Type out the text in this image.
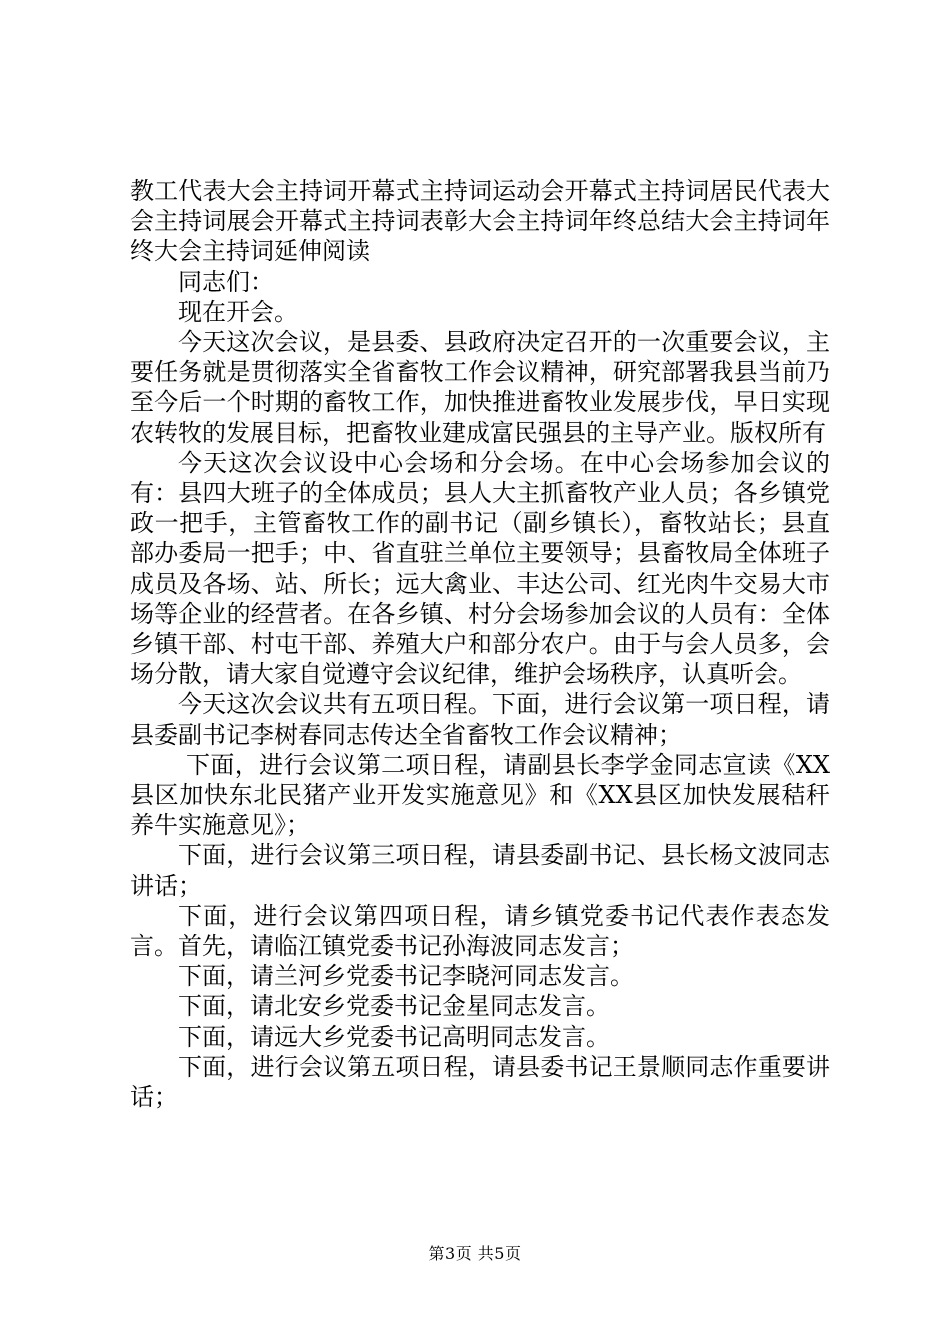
教工代表大会主持词开幕式主持词运动会开幕式主持词居民代表大会主持词展会开幕式主持词表彰大会主持词年终总结大会主持词年终大会主持词延伸阅读

同志们：

现在开会。

今天这次会议，是县委、县政府决定召开的一次重要会议，主要任务就是贯彻落实全省畜牧工作会议精神，研究部署我县当前乃至今后一个时期的畜牧工作，加快推进畜牧业发展步伐，早日实现农转牧的发展目标，把畜牧业建成富民强县的主导产业。版权所有

今天这次会议设中心会场和分会场。在中心会场参加会议的有：县四大班子的全体成员；县人大主抓畜牧产业人员；各乡镇党政一把手，主管畜牧工作的副书记（副乡镇长），畜牧站长；县直部办委局一把手；中、省直驻兰单位主要领导；县畜牧局全体班子成员及各场、站、所长；远大禽业、丰达公司、红光肉牛交易大市场等企业的经营者。在各乡镇、村分会场参加会议的人员有：全体乡镇干部、村屯干部、养殖大户和部分农户。由于与会人员多，会场分散，请大家自觉遵守会议纪律，维护会场秩序，认真听会。

今天这次会议共有五项日程。下面，进行会议第一项日程，请县委副书记李树春同志传达全省畜牧工作会议精神；

下面，进行会议第二项日程，请副县长李学金同志宣读《XX县区加快东北民猪产业开发实施意见》和《XX县区加快发展秸秆养牛实施意见》；

下面，进行会议第三项日程，请县委副书记、县长杨文波同志讲话；

下面，进行会议第四项日程，请乡镇党委书记代表作表态发言。首先，请临江镇党委书记孙海波同志发言；

下面，请兰河乡党委书记李晓河同志发言。

下面，请北安乡党委书记金星同志发言。

下面，请远大乡党委书记高明同志发言。

下面，进行会议第五项日程，请县委书记王景顺同志作重要讲话；

第3页 共5页
